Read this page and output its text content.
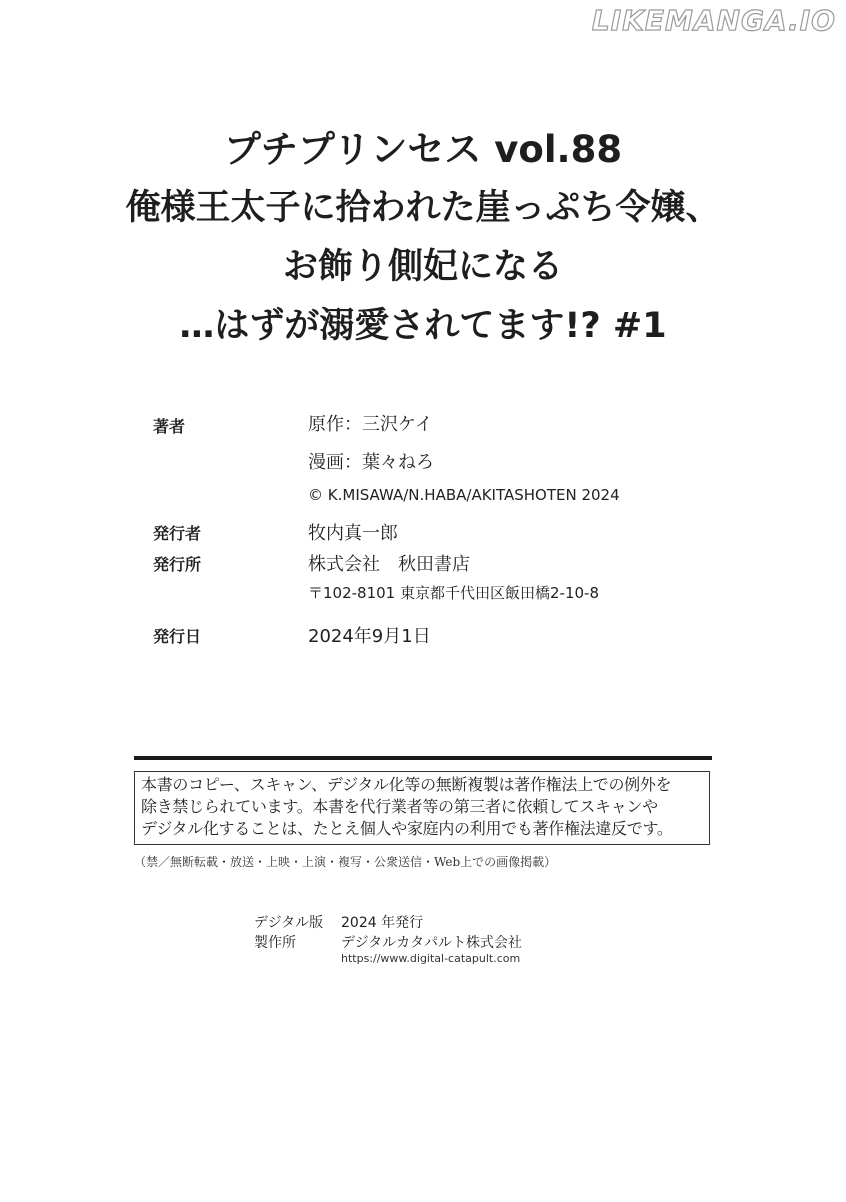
LIKEMANGA.IO
プチプリンセス vol.88
俺様王太子に拾われた崖っぷち令嬢、
お飾り側妃になる
…はずが溺愛されてます!? #1
著者	原作：三沢ケイ
漫画：葉々ねろ
© K.MISAWA/N.HABA/AKITASHOTEN 2024
発行者	牧内真一郎
発行所	株式会社　秋田書店
〒102-8101 東京都千代田区飯田橋2-10-8
発行日	2024年9月1日
本書のコピー、スキャン、デジタル化等の無断複製は著作権法上での例外を
除き禁じられています。本書を代行業者等の第三者に依頼してスキャンや
デジタル化することは、たとえ個人や家庭内の利用でも著作権法違反です。
（禁／無断転載・放送・上映・上演・複写・公衆送信・Web上での画像掲載）
デジタル版 2024 年発行
製作所	デジタルカタパルト株式会社
https://www.digital-catapult.com
